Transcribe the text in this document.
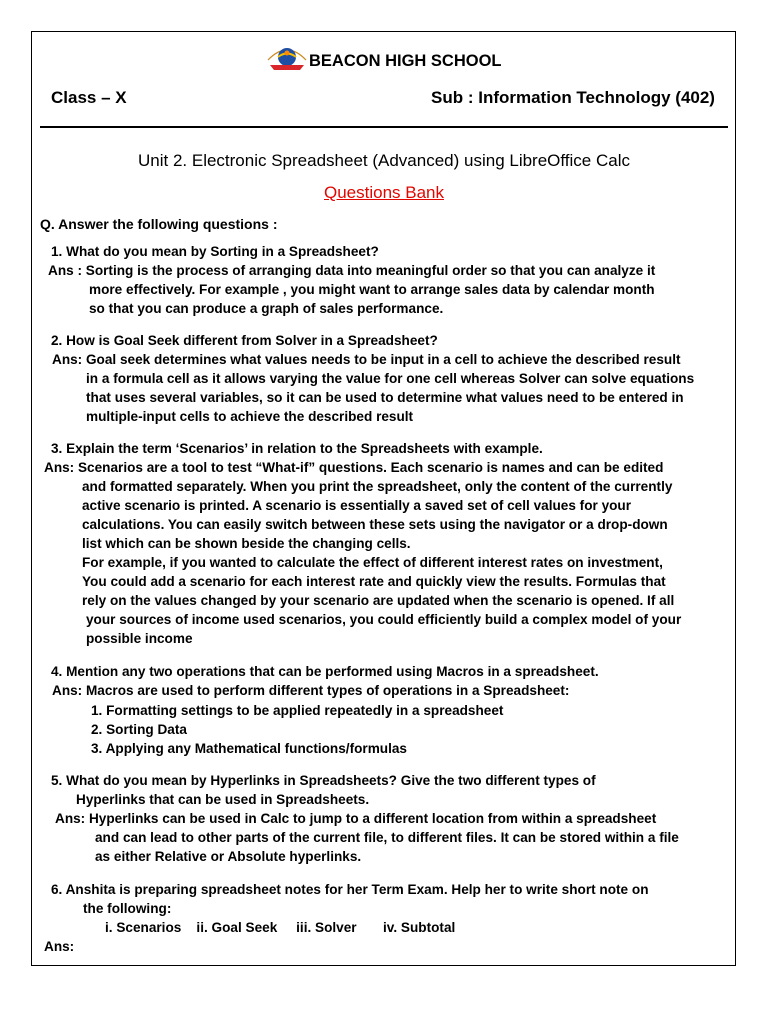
BEACON HIGH SCHOOL
Class – X	Sub : Information Technology (402)
Unit 2. Electronic Spreadsheet (Advanced) using LibreOffice Calc
Questions Bank
Q. Answer the following questions :
1. What do you mean by Sorting in a Spreadsheet?
Ans : Sorting is the process of arranging data into meaningful order so that you can analyze it
more effectively. For example , you might want to arrange sales data by calendar month
so that you can produce a graph of sales performance.
2. How is Goal Seek different from Solver in a Spreadsheet?
Ans: Goal seek determines what values needs to be input in a cell to achieve the described result
in a formula cell as it allows varying the value for one cell whereas Solver can solve equations
that uses several variables, so it can be used to determine what values need to be entered in
multiple-input cells to achieve the described result
3. Explain the term ‘Scenarios’ in relation to the Spreadsheets with example.
Ans: Scenarios are a tool to test “What-if” questions. Each scenario is names and can be edited
and formatted separately. When you print the spreadsheet, only the content of the currently
active scenario is printed. A scenario is essentially a saved set of cell values for your
calculations. You can easily switch between these sets using the navigator or a drop-down
list which can be shown beside the changing cells.
For example, if you wanted to calculate the effect of different interest rates on investment,
You could add a scenario for each interest rate and quickly view the results. Formulas that
rely on the values changed by your scenario are updated when the scenario is opened. If all
your sources of income used scenarios, you could efficiently build a complex model of your
possible income
4. Mention any two operations that can be performed using Macros in a spreadsheet.
Ans: Macros are used to perform different types of operations in a Spreadsheet:
1. Formatting settings to be applied repeatedly in a spreadsheet
2. Sorting Data
3. Applying any Mathematical functions/formulas
5. What do you mean by Hyperlinks in Spreadsheets? Give the two different types of
Hyperlinks that can be used in Spreadsheets.
Ans: Hyperlinks can be used in Calc to jump to a different location from within a spreadsheet
and can lead to other parts of the current file, to different files. It can be stored within a file
as either Relative or Absolute hyperlinks.
6. Anshita is preparing spreadsheet notes for her Term Exam. Help her to write short note on
the following:
i. Scenarios    ii. Goal Seek     iii. Solver       iv. Subtotal
Ans:
